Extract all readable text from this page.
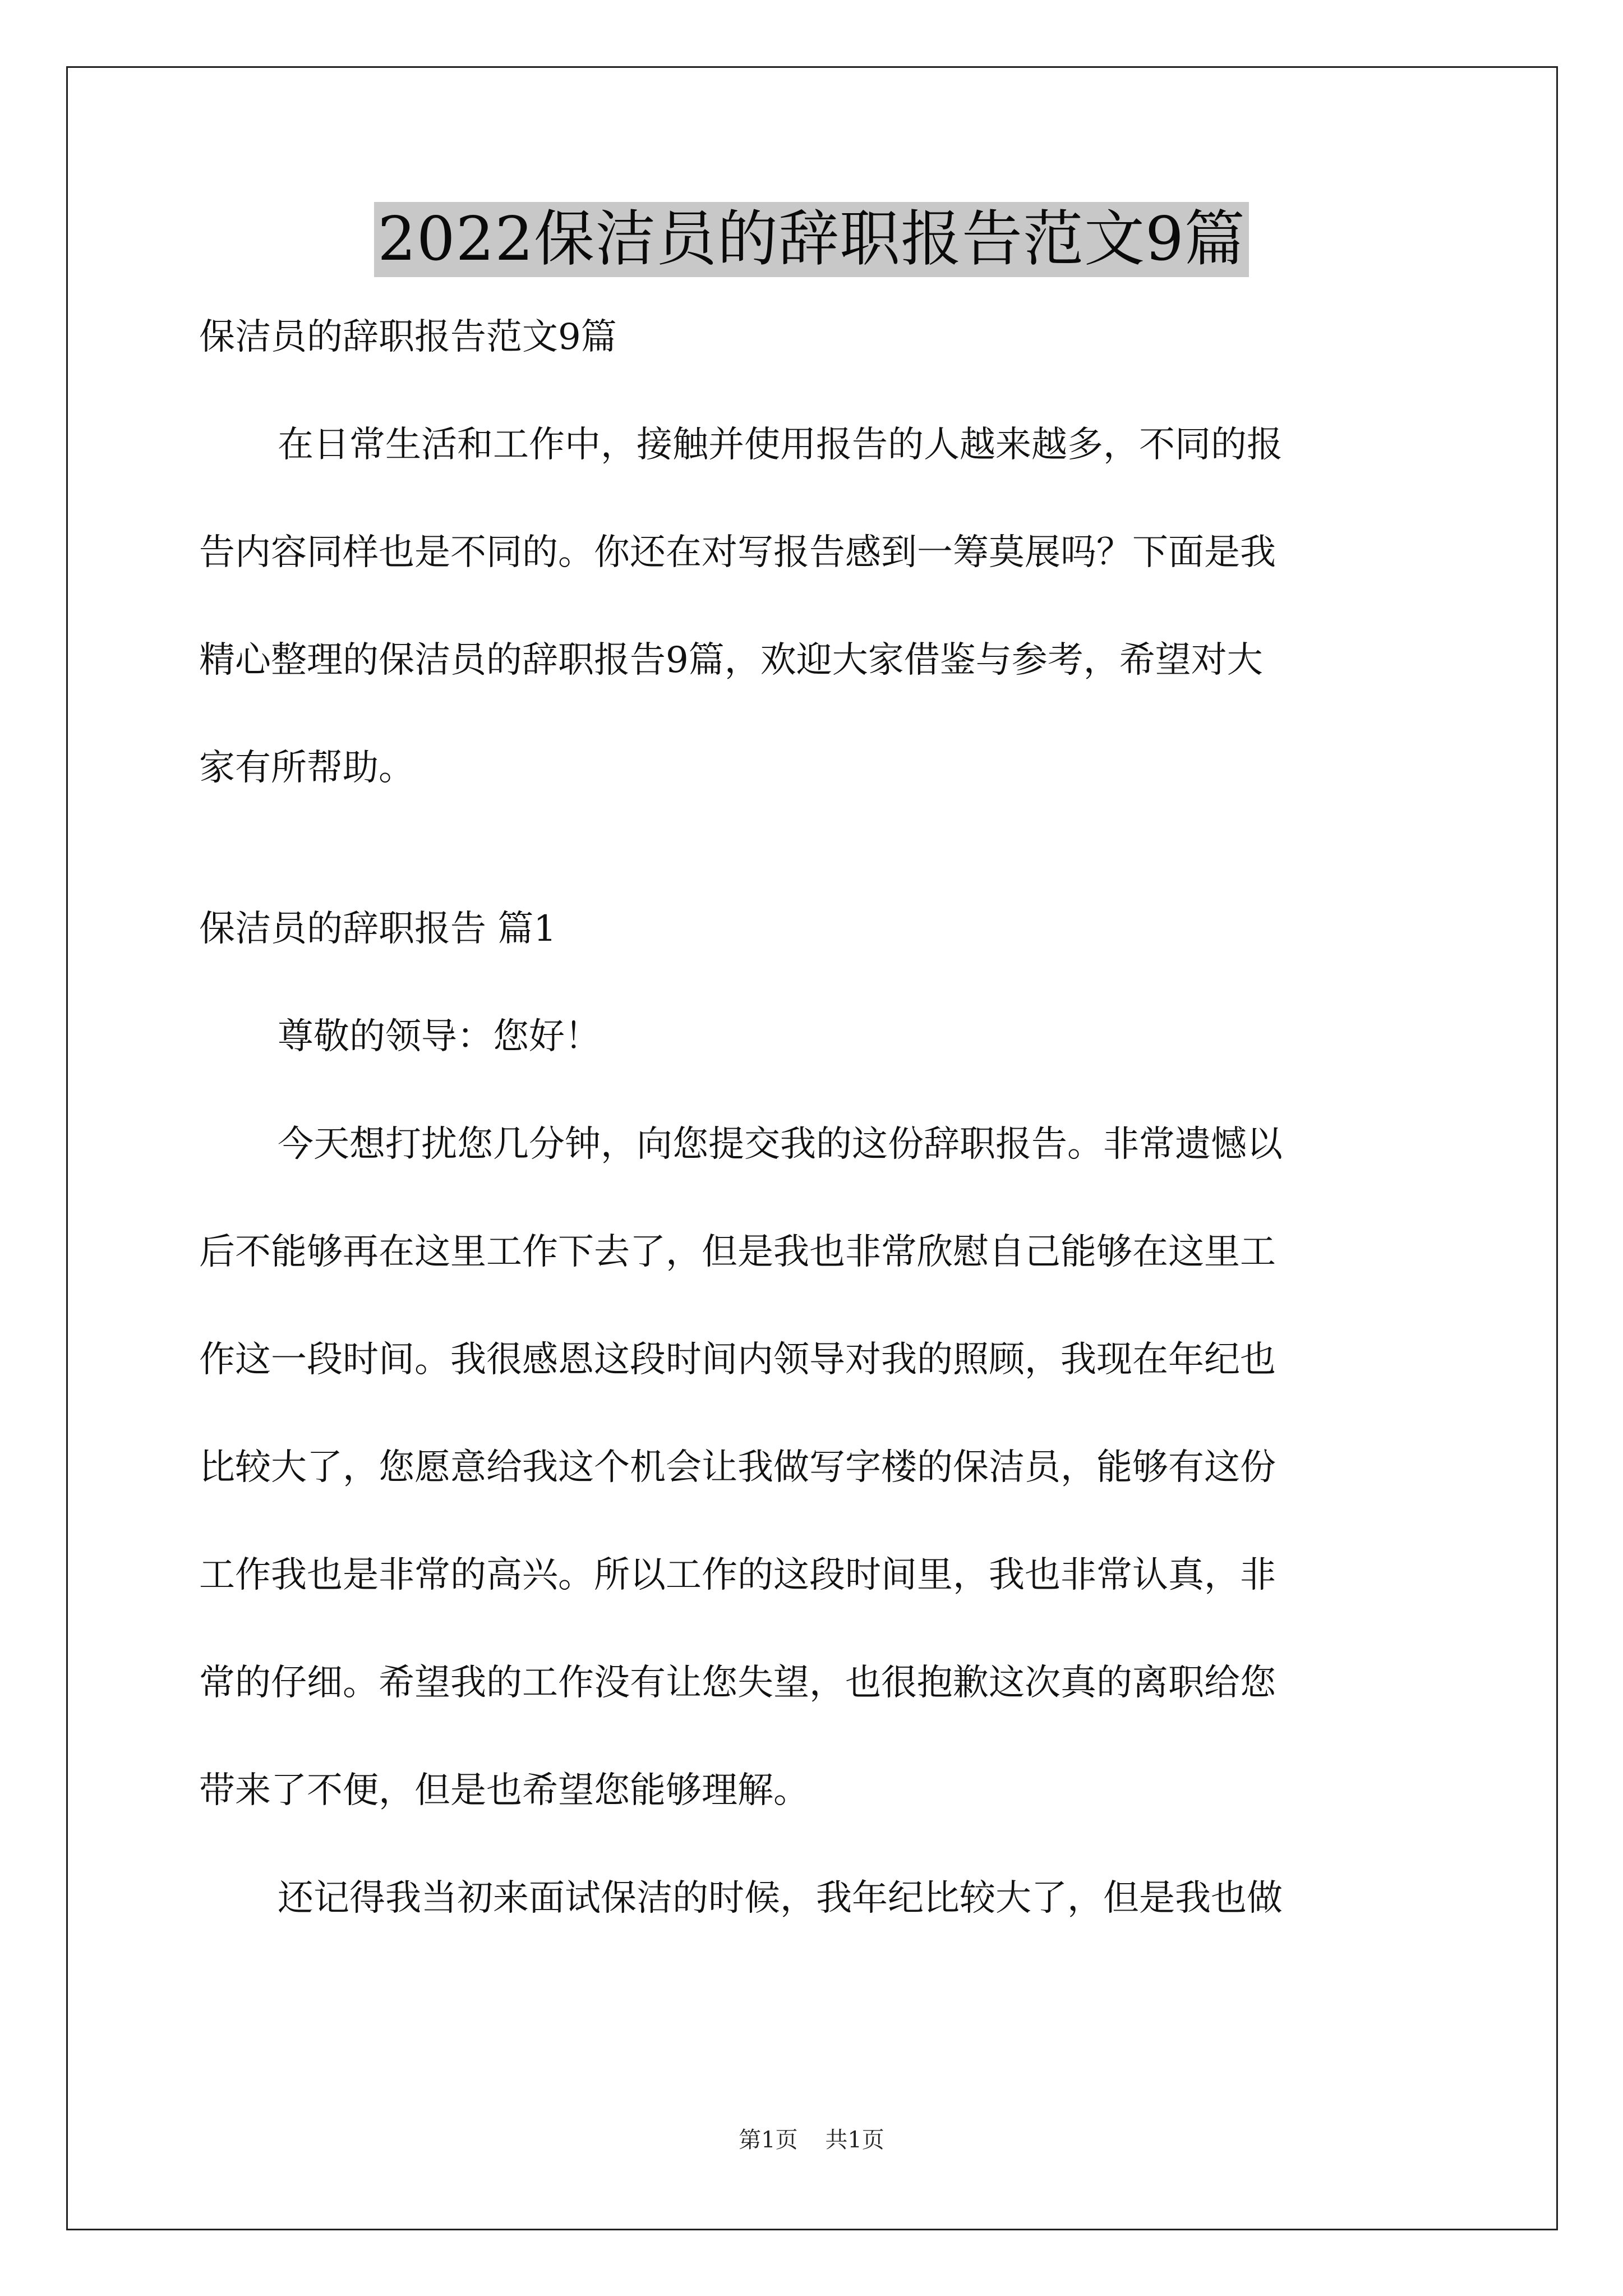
2022保洁员的辞职报告范文9篇

保洁员的辞职报告范文9篇

在日常生活和工作中，接触并使用报告的人越来越多，不同的报

告内容同样也是不同的。你还在对写报告感到一筹莫展吗？下面是我

精心整理的保洁员的辞职报告9篇，欢迎大家借鉴与参考，希望对大

家有所帮助。

保洁员的辞职报告 篇1

尊敬的领导：您好！

今天想打扰您几分钟，向您提交我的这份辞职报告。非常遗憾以

后不能够再在这里工作下去了，但是我也非常欣慰自己能够在这里工

作这一段时间。我很感恩这段时间内领导对我的照顾，我现在年纪也

比较大了，您愿意给我这个机会让我做写字楼的保洁员，能够有这份

工作我也是非常的高兴。所以工作的这段时间里，我也非常认真，非

常的仔细。希望我的工作没有让您失望，也很抱歉这次真的离职给您

带来了不便，但是也希望您能够理解。

还记得我当初来面试保洁的时候，我年纪比较大了，但是我也做

第1页 共1页
